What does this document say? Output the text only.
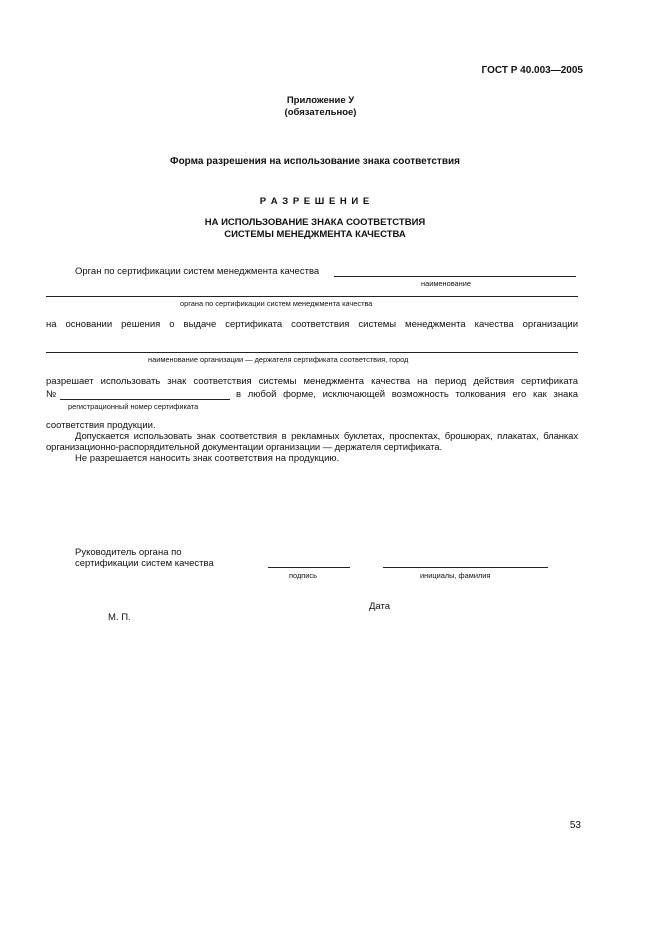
ГОСТ Р 40.003—2005
Приложение У
(обязательное)
Форма разрешения на использование знака соответствия
Р А З Р Е Ш Е Н И Е
НА ИСПОЛЬЗОВАНИЕ ЗНАКА СООТВЕТСТВИЯ
СИСТЕМЫ МЕНЕДЖМЕНТА КАЧЕСТВА
Орган по сертификации систем менеджмента качества
наименование
органа по сертификации систем менеджмента качества
на основании решения о выдаче сертификата соответствия системы менеджмента качества организации
наименование организации — держателя сертификата соответствия, город
разрешает использовать знак соответствия системы менеджмента качества на период действия сертификата
№	в любой форме, исключающей возможность толкования его как знака
регистрационный номер сертификата
соответствия продукции.
Допускается использовать знак соответствия в рекламных буклетах, проспектах, брошюрах, плакатах, бланках
организационно-распорядительной документации организации — держателя сертификата.
Не разрешается наносить знак соответствия на продукцию.
Руководитель органа по
сертификации систем качества
подпись	инициалы, фамилия
Дата
М. П.
53
